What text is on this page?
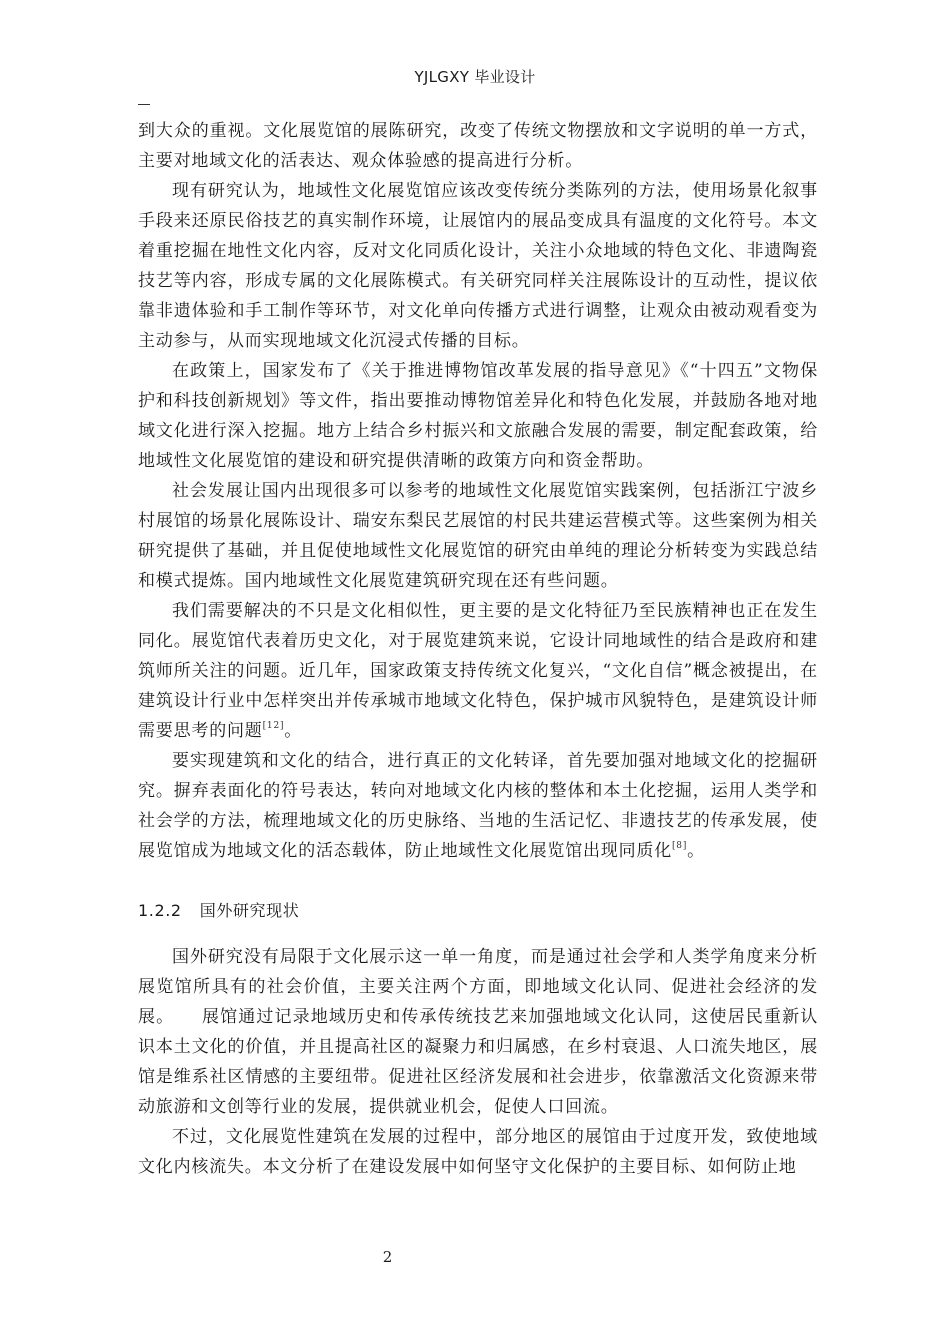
YJLGXY 毕业设计

到大众的重视。文化展览馆的展陈研究，改变了传统文物摆放和文字说明的单一方式，主要对地域文化的活表达、观众体验感的提高进行分析。

现有研究认为，地域性文化展览馆应该改变传统分类陈列的方法，使用场景化叙事手段来还原民俗技艺的真实制作环境，让展馆内的展品变成具有温度的文化符号。本文着重挖掘在地性文化内容，反对文化同质化设计，关注小众地域的特色文化、非遗陶瓷技艺等内容，形成专属的文化展陈模式。有关研究同样关注展陈设计的互动性，提议依靠非遗体验和手工制作等环节，对文化单向传播方式进行调整，让观众由被动观看变为主动参与，从而实现地域文化沉浸式传播的目标。

在政策上，国家发布了《关于推进博物馆改革发展的指导意见》《“十四五”文物保护和科技创新规划》等文件，指出要推动博物馆差异化和特色化发展，并鼓励各地对地域文化进行深入挖掘。地方上结合乡村振兴和文旅融合发展的需要，制定配套政策，给地域性文化展览馆的建设和研究提供清晰的政策方向和资金帮助。

社会发展让国内出现很多可以参考的地域性文化展览馆实践案例，包括浙江宁波乡村展馆的场景化展陈设计、瑞安东梨民艺展馆的村民共建运营模式等。这些案例为相关研究提供了基础，并且促使地域性文化展览馆的研究由单纯的理论分析转变为实践总结和模式提炼。国内地域性文化展览建筑研究现在还有些问题。

我们需要解决的不只是文化相似性，更主要的是文化特征乃至民族精神也正在发生同化。展览馆代表着历史文化，对于展览建筑来说，它设计同地域性的结合是政府和建筑师所关注的问题。近几年，国家政策支持传统文化复兴，“文化自信”概念被提出，在建筑设计行业中怎样突出并传承城市地域文化特色，保护城市风貌特色，是建筑设计师需要思考的问题[12]。

要实现建筑和文化的结合，进行真正的文化转译，首先要加强对地域文化的挖掘研究。摒弃表面化的符号表达，转向对地域文化内核的整体和本土化挖掘，运用人类学和社会学的方法，梳理地域文化的历史脉络、当地的生活记忆、非遗技艺的传承发展，使展览馆成为地域文化的活态载体，防止地域性文化展览馆出现同质化[8]。

1.2.2 国外研究现状

国外研究没有局限于文化展示这一单一角度，而是通过社会学和人类学角度来分析展览馆所具有的社会价值，主要关注两个方面，即地域文化认同、促进社会经济的发展。　　展馆通过记录地域历史和传承传统技艺来加强地域文化认同，这使居民重新认识本土文化的价值，并且提高社区的凝聚力和归属感，在乡村衰退、人口流失地区，展馆是维系社区情感的主要纽带。促进社区经济发展和社会进步，依靠激活文化资源来带动旅游和文创等行业的发展，提供就业机会，促使人口回流。

不过，文化展览性建筑在发展的过程中，部分地区的展馆由于过度开发，致使地域文化内核流失。本文分析了在建设发展中如何坚守文化保护的主要目标、如何防止地

2
